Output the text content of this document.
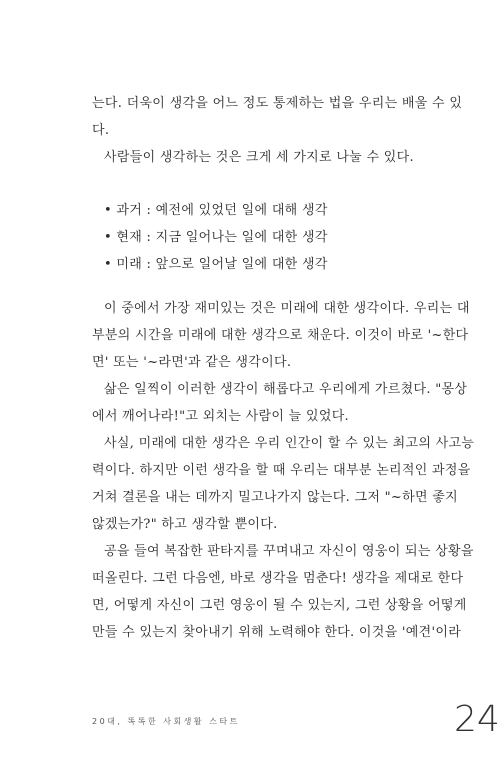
는다. 더욱이 생각을 어느 정도 통제하는 법을 우리는 배울 수 있
다.
사람들이 생각하는 것은 크게 세 가지로 나눌 수 있다.
• 과거 : 예전에 있었던 일에 대해 생각
• 현재 : 지금 일어나는 일에 대한 생각
• 미래 : 앞으로 일어날 일에 대한 생각
이 중에서 가장 재미있는 것은 미래에 대한 생각이다. 우리는 대
부분의 시간을 미래에 대한 생각으로 채운다. 이것이 바로 '~한다
면' 또는 '~라면'과 같은 생각이다.
삶은 일찍이 이러한 생각이 해롭다고 우리에게 가르쳤다. "몽상
에서 깨어나라!"고 외치는 사람이 늘 있었다.
사실, 미래에 대한 생각은 우리 인간이 할 수 있는 최고의 사고능
력이다. 하지만 이런 생각을 할 때 우리는 대부분 논리적인 과정을
거쳐 결론을 내는 데까지 밀고나가지 않는다. 그저 "~하면 좋지
않겠는가?" 하고 생각할 뿐이다.
공을 들여 복잡한 판타지를 꾸며내고 자신이 영웅이 되는 상황을
떠올린다. 그런 다음엔, 바로 생각을 멈춘다! 생각을 제대로 한다
면, 어떻게 자신이 그런 영웅이 될 수 있는지, 그런 상황을 어떻게
만들 수 있는지 찾아내기 위해 노력해야 한다. 이것을 '예견'이라
20대, 똑똑한 사회생활 스타트	24
